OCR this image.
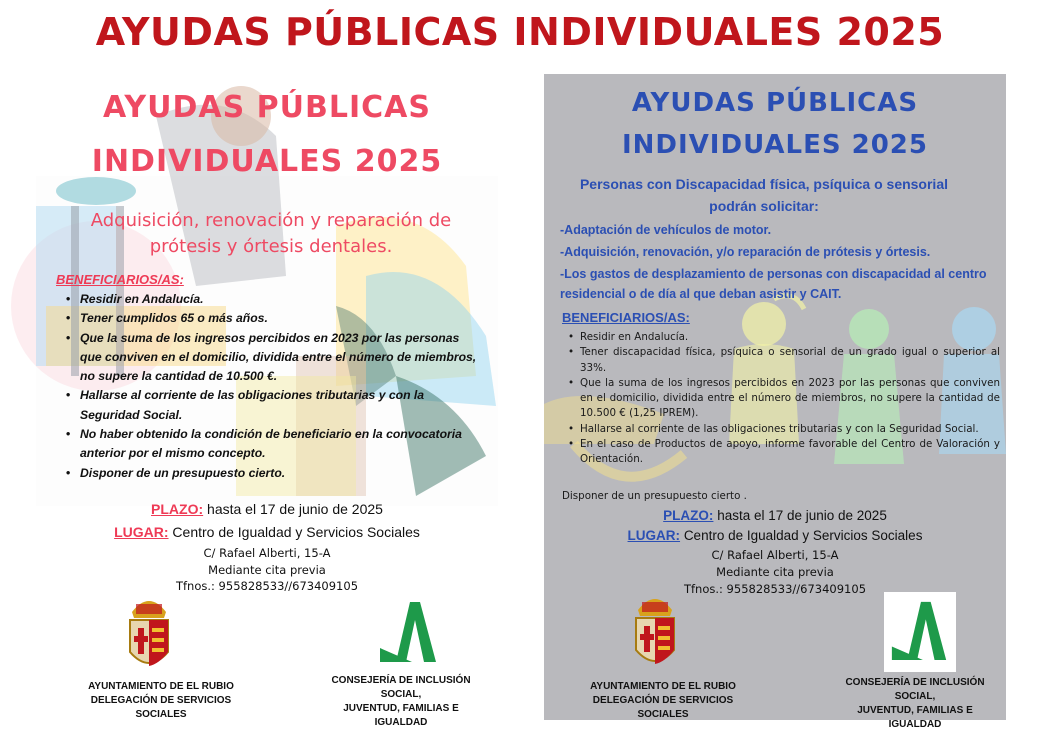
AYUDAS PÚBLICAS INDIVIDUALES 2025
AYUDAS PÚBLICAS
INDIVIDUALES 2025
Adquisición, renovación y reparación de
prótesis y órtesis dentales.
BENEFICIARIOS/AS:
• Residir en Andalucía.
• Tener cumplidos 65 o más años.
• Que la suma de los ingresos percibidos en 2023 por las personas que conviven en el domicilio, dividida entre el número de miembros, no supere la cantidad de 10.500 €.
• Hallarse al corriente de las obligaciones tributarias y con la Seguridad Social.
• No haber obtenido la condición de beneficiario en la convocatoria anterior por el mismo concepto.
• Disponer de un presupuesto cierto.
PLAZO: hasta el 17 de junio de 2025
LUGAR: Centro de Igualdad y Servicios Sociales
C/ Rafael Alberti, 15-A
Mediante cita previa
Tfnos.: 955828533//673409105
AYUNTAMIENTO DE EL RUBIO
DELEGACIÓN DE SERVICIOS SOCIALES
CONSEJERÍA DE INCLUSIÓN SOCIAL,
JUVENTUD, FAMILIAS E IGUALDAD
AYUDAS PÚBLICAS
INDIVIDUALES 2025
Personas con Discapacidad física, psíquica o sensorial
podrán solicitar:
-Adaptación de vehículos de motor.
-Adquisición, renovación, y/o reparación de prótesis y órtesis.
-Los gastos de desplazamiento de personas con discapacidad al centro
residencial o de día al que deban asistir y CAIT.
BENEFICIARIOS/AS:
• Residir en Andalucía.
• Tener discapacidad física, psíquica o sensorial de un grado igual o superior al 33%.
• Que la suma de los ingresos percibidos en 2023 por las personas que conviven en el domicilio, dividida entre el número de miembros, no supere la cantidad de 10.500 € (1,25 IPREM).
• Hallarse al corriente de las obligaciones tributarias y con la Seguridad Social.
• En el caso de Productos de apoyo, informe favorable del Centro de Valoración y Orientación.
Disponer de un presupuesto cierto .
PLAZO: hasta el 17 de junio de 2025
LUGAR: Centro de Igualdad y Servicios Sociales
C/ Rafael Alberti, 15-A
Mediante cita previa
Tfnos.: 955828533//673409105
AYUNTAMIENTO DE EL RUBIO
DELEGACIÓN DE SERVICIOS SOCIALES
CONSEJERÍA DE INCLUSIÓN SOCIAL,
JUVENTUD, FAMILIAS E IGUALDAD
